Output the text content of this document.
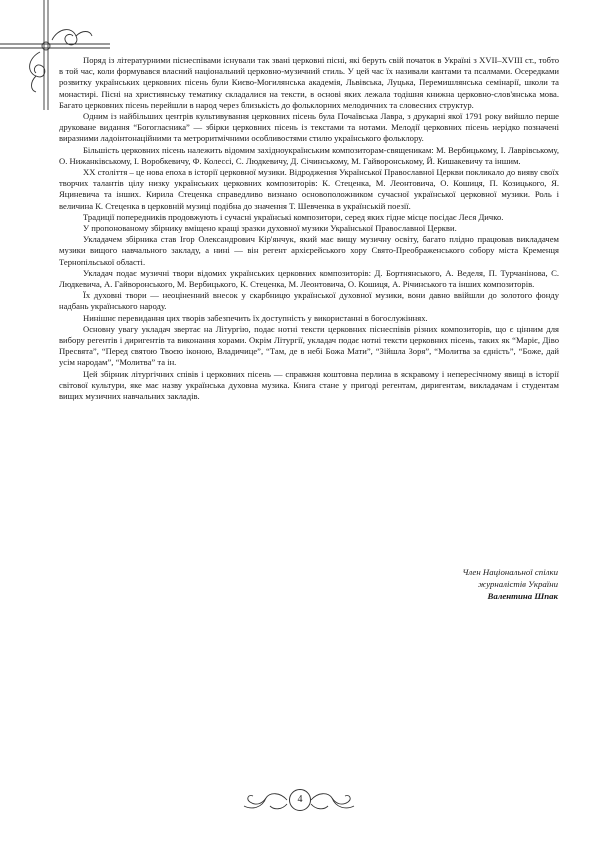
Поряд із літературними піснеспівами існували так звані церковні пісні, які беруть свій початок в Україні з XVII–XVIII ст., тобто в той час, коли формувався власний національний церковно-музичний стиль. У цей час їх називали кантами та псалмами. Осередками розвитку українських церковних пісень були Києво-Могилянська академія, Львівська, Луцька, Перемишлянська семінарії, школи та монастирі. Пісні на християнську тематику складалися на тексти, в основі яких лежала тодішня книжна церковно-слов'янська мова. Багато церковних пісень перейшли в народ через близькість до фольклорних мелодичних та словесних структур.

Одним із найбільших центрів культивування церковних пісень була Почаївська Лавра, з друкарні якої 1791 року вийшло перше друковане видання “Богогласника” — збірки церковних пісень із текстами та нотами. Мелодії церковних пісень нерідко позначені виразними ладоінтонаційними та метроритмічними особливостями стилю українського фольклору.

Більшість церковних пісень належить відомим західноукраїнським композиторам-священикам: М. Вербицькому, І. Лаврівському, О. Нижанківському, І. Воробкевичу, Ф. Колессі, С. Людкевичу, Д. Січинському, М. Гайворонському, Й. Кишакевичу та іншим.

XX століття – це нова епоха в історії церковної музики. Відродження Української Православної Церкви покликало до вияву своїх творчих талантів цілу низку українських церковних композиторів: К. Стеценка, М. Леонтовича, О. Кошиця, П. Козицького, Я. Яциневича та інших. Кирила Стеценка справедливо визнано основоположником сучасної української церковної музики. Роль і величина К. Стеценка в церковній музиці подібна до значення Т. Шевченка в українській поезії.

Традиції попередників продовжують і сучасні українські композитори, серед яких гідне місце посідає Леся Дичко.

У пропонованому збірнику вміщено кращі зразки духовної музики Української Православної Церкви.

Укладачем збірника став Ігор Олександрович Кір'янчук, який має вищу музичну освіту, багато плідно працював викладачем музики вищого навчального закладу, а нині — він регент архієрейського хору Свято-Преображенського собору міста Кременця Тернопільської області.

Укладач подає музичні твори відомих українських церковних композиторів: Д. Бортнянського, А. Веделя, П. Турчанінова, С. Людкевича, А. Гайворонського, М. Вербицького, К. Стеценка, М. Леонтовича, О. Кошиця, А. Річинського та інших композиторів.

Їх духовні твори — неоціненний внесок у скарбницю української духовної музики, вони давно ввійшли до золотого фонду надбань українського народу.

Нинішнє перевидання цих творів забезпечить їх доступність у використанні в богослужіннях.

Основну увагу укладач звертає на Літургію, подає нотні тексти церковних піснеспівів різних композиторів, що є цінним для вибору регентів і диригентів та виконання хорами. Окрім Літургії, укладач подає нотні тексти церковних пісень, таких як “Маріє, Діво Пресвята”, “Перед святою Твоєю іконою, Владичице”, “Там, де в небі Божа Мати”, “Зійшла Зоря”, “Молитва за єдність”, “Боже, дай усім народам”, “Молитва” та ін.

Цей збірник літургічних співів і церковних пісень — справжня коштовна перлина в яскравому і непересічному явищі в історії світової культури, яке має назву українська духовна музика. Книга стане у пригоді регентам, диригентам, викладачам і студентам вищих музичних навчальних закладів.

Член Національної спілки
журналістів України
Валентина Шпак
4
